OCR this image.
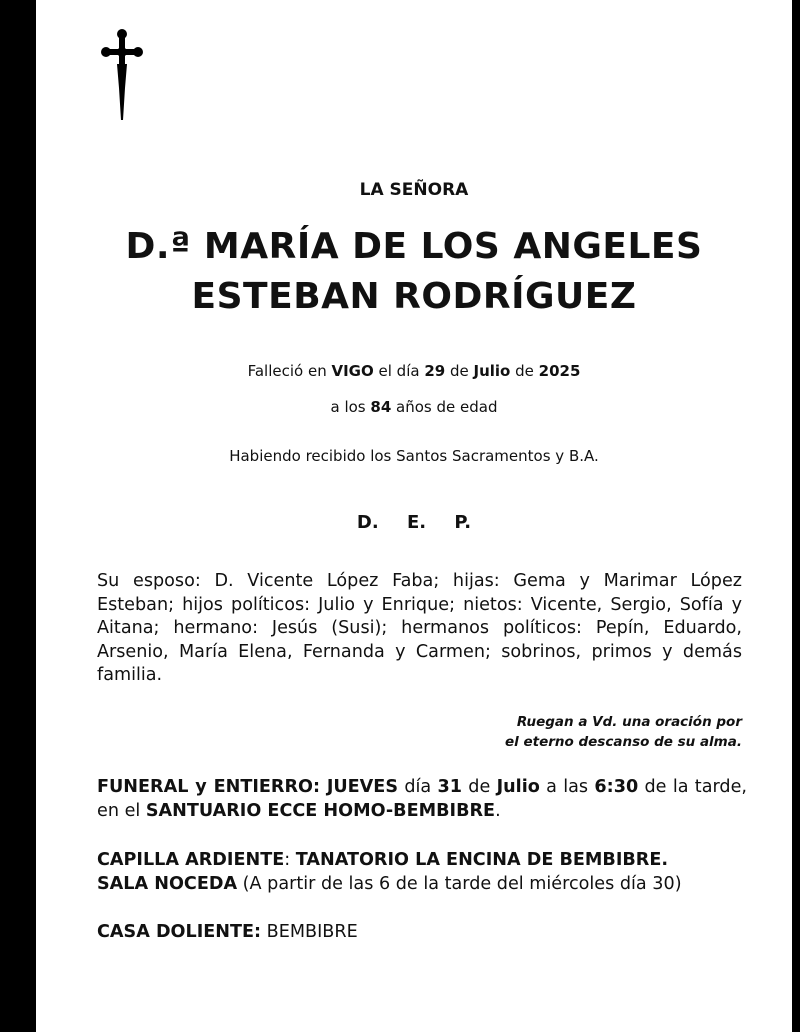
LA SEÑORA
D.ª MARÍA DE LOS ANGELES
ESTEBAN RODRÍGUEZ
Falleció en VIGO el día 29 de Julio de 2025
a los 84 años de edad
Habiendo recibido los Santos Sacramentos y B.A.
D. E. P.
Su esposo: D. Vicente López Faba; hijas: Gema y Marimar López Esteban; hijos políticos: Julio y Enrique; nietos: Vicente, Sergio, Sofía y Aitana; hermano: Jesús (Susi); hermanos políticos: Pepín, Eduardo, Arsenio, María Elena, Fernanda y Carmen; sobrinos, primos y demás familia.
Ruegan a Vd. una oración por
el eterno descanso de su alma.
FUNERAL y ENTIERRO: JUEVES día 31 de Julio a las 6:30 de la tarde, en el SANTUARIO ECCE HOMO-BEMBIBRE.
CAPILLA ARDIENTE: TANATORIO LA ENCINA DE BEMBIBRE.
SALA NOCEDA (A partir de las 6 de la tarde del miércoles día 30)
CASA DOLIENTE: BEMBIBRE
